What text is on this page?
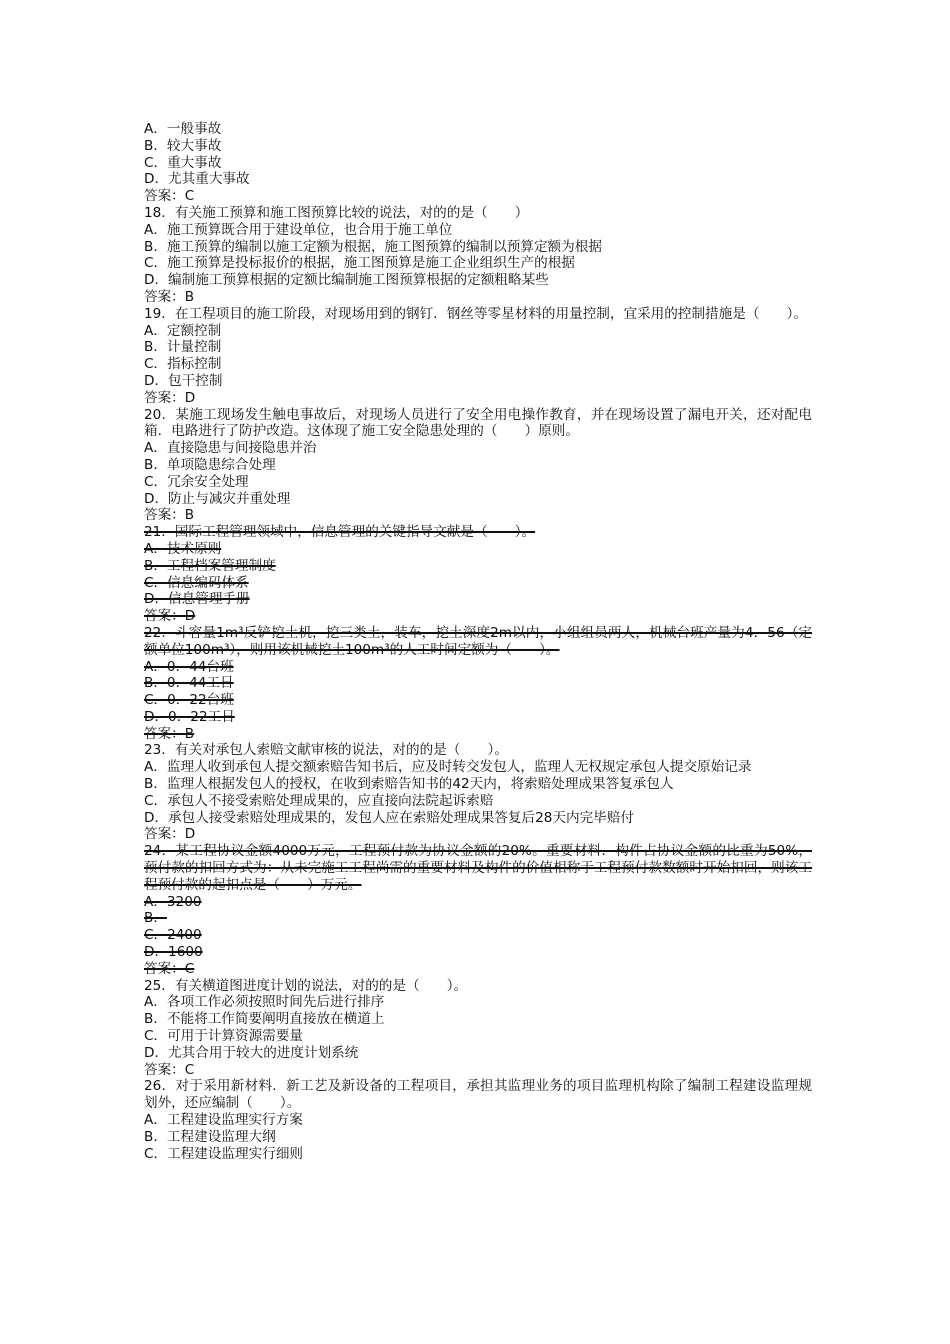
A．一般事故
B．较大事故
C．重大事故
D．尤其重大事故
答案：C
18．有关施工预算和施工图预算比较的说法，对的的是（　　）
A．施工预算既合用于建设单位，也合用于施工单位
B．施工预算的编制以施工定额为根据，施工图预算的编制以预算定额为根据
C．施工预算是投标报价的根据，施工图预算是施工企业组织生产的根据
D．编制施工预算根据的定额比编制施工图预算根据的定额粗略某些
答案：B
19．在工程项目的施工阶段，对现场用到的钢钉．钢丝等零星材料的用量控制，宜采用的控制措施是（　　）。
A．定额控制
B．计量控制
C．指标控制
D．包干控制
答案：D
20．某施工现场发生触电事故后，对现场人员进行了安全用电操作教育，并在现场设置了漏电开关，还对配电箱．电路进行了防护改造。这体现了施工安全隐患处理的（　　）原则。
A．直接隐患与间接隐患并治
B．单项隐患综合处理
C．冗余安全处理
D．防止与减灾并重处理
答案：B
21．国际工程管理领域中，信息管理的关键指导文献是（　　）。
A．技术原则
B．工程档案管理制度
C．信息编码体系
D．信息管理手册
答案：D
22．斗容量1m³反铲挖土机，挖三类土，装车，挖土深度2m以内，小组组员两人，机械台班产量为4．56（定额单位100m³），则用该机械挖土100m³的人工时间定额为（　　）。
A．0．44台班
B．0．44工日
C．0．22台班
D．0．22工日
答案：B
23．有关对承包人索赔文献审核的说法，对的的是（　　）。
A．监理人收到承包人提交额索赔告知书后，应及时转交发包人，监理人无权规定承包人提交原始记录
B．监理人根据发包人的授权，在收到索赔告知书的42天内，将索赔处理成果答复承包人
C．承包人不接受索赔处理成果的，应直接向法院起诉索赔
D．承包人接受索赔处理成果的，发包人应在索赔处理成果答复后28天内完毕赔付
答案：D
24．某工程协议金额4000万元，工程预付款为协议金额的20%。重要材料．构件占协议金额的比重为50%，预付款的扣回方式为：从未完施工工程尚需的重要材料及构件的价值相称于工程预付款数额时开始扣回，则该工程预付款的起扣点是（　　）万元。
A．3200
B．
C．2400
D．1600
答案：C
25．有关横道图进度计划的说法，对的的是（　　）。
A．各项工作必须按照时间先后进行排序
B．不能将工作简要阐明直接放在横道上
C．可用于计算资源需要量
D．尤其合用于较大的进度计划系统
答案：C
26．对于采用新材料．新工艺及新设备的工程项目，承担其监理业务的项目监理机构除了编制工程建设监理规划外，还应编制（　　）。
A．工程建设监理实行方案
B．工程建设监理大纲
C．工程建设监理实行细则
